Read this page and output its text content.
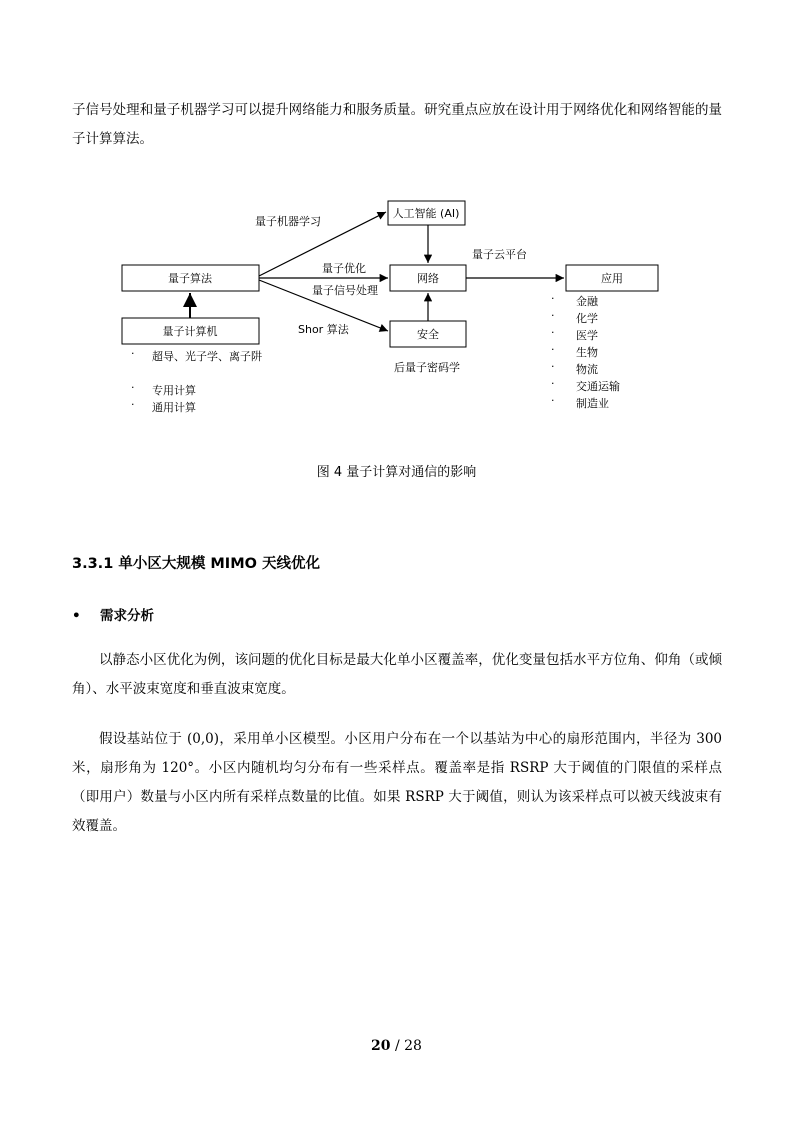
子信号处理和量子机器学习可以提升网络能力和服务质量。研究重点应放在设计用于网络优化和网络智能的量子计算算法。

量子算法
量子计算机
人工智能 (AI)
网络
安全
应用
量子机器学习
量子优化
量子信号处理
Shor 算法
量子云平台
后量子密码学
· 超导、光子学、离子阱
· 专用计算
· 通用计算
· 金融
· 化学
· 医学
· 生物
· 物流
· 交通运输
· 制造业
图 4 量子计算对通信的影响
3.3.1 单小区大规模 MIMO 天线优化
• 需求分析

以静态小区优化为例，该问题的优化目标是最大化单小区覆盖率，优化变量包括水平方位角、仰角（或倾角）、水平波束宽度和垂直波束宽度。

假设基站位于 (0,0)，采用单小区模型。小区用户分布在一个以基站为中心的扇形范围内，半径为 300 米，扇形角为 120°。小区内随机均匀分布有一些采样点。覆盖率是指 RSRP 大于阈值的门限值的采样点（即用户）数量与小区内所有采样点数量的比值。如果 RSRP 大于阈值，则认为该采样点可以被天线波束有效覆盖。

20 / 28
